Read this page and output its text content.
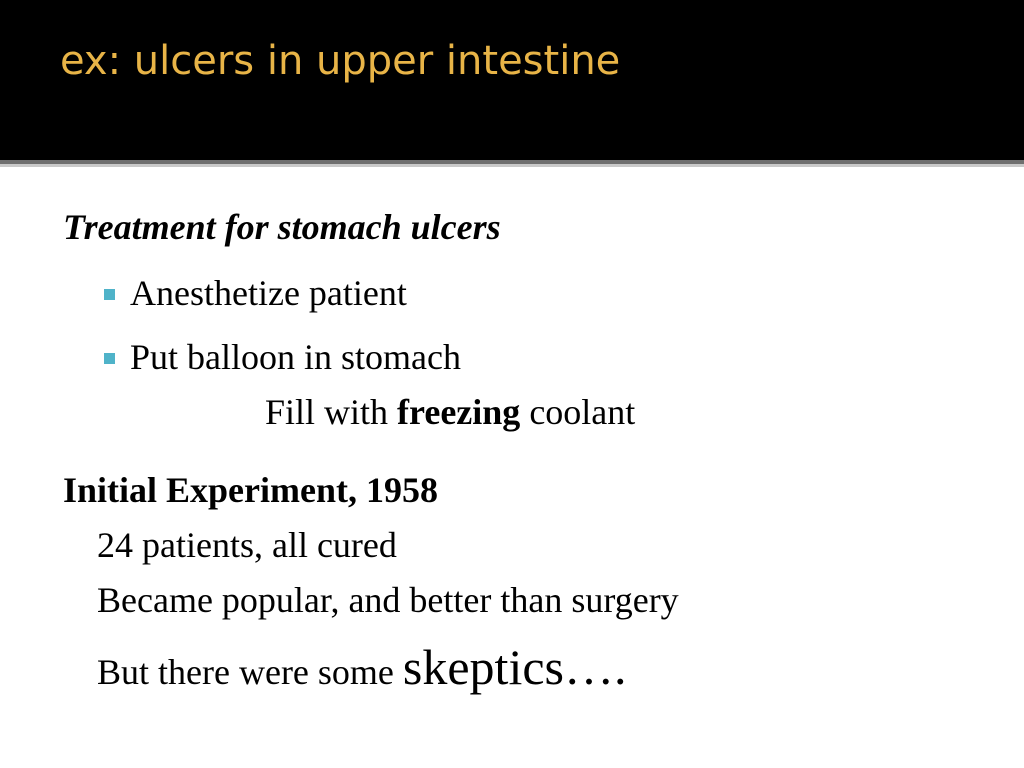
ex: ulcers in upper intestine
Treatment for stomach ulcers
Anesthetize patient
Put balloon in stomach
Fill with freezing coolant
Initial Experiment, 1958
24 patients, all cured
Became popular, and better than surgery
But there were some skeptics….
